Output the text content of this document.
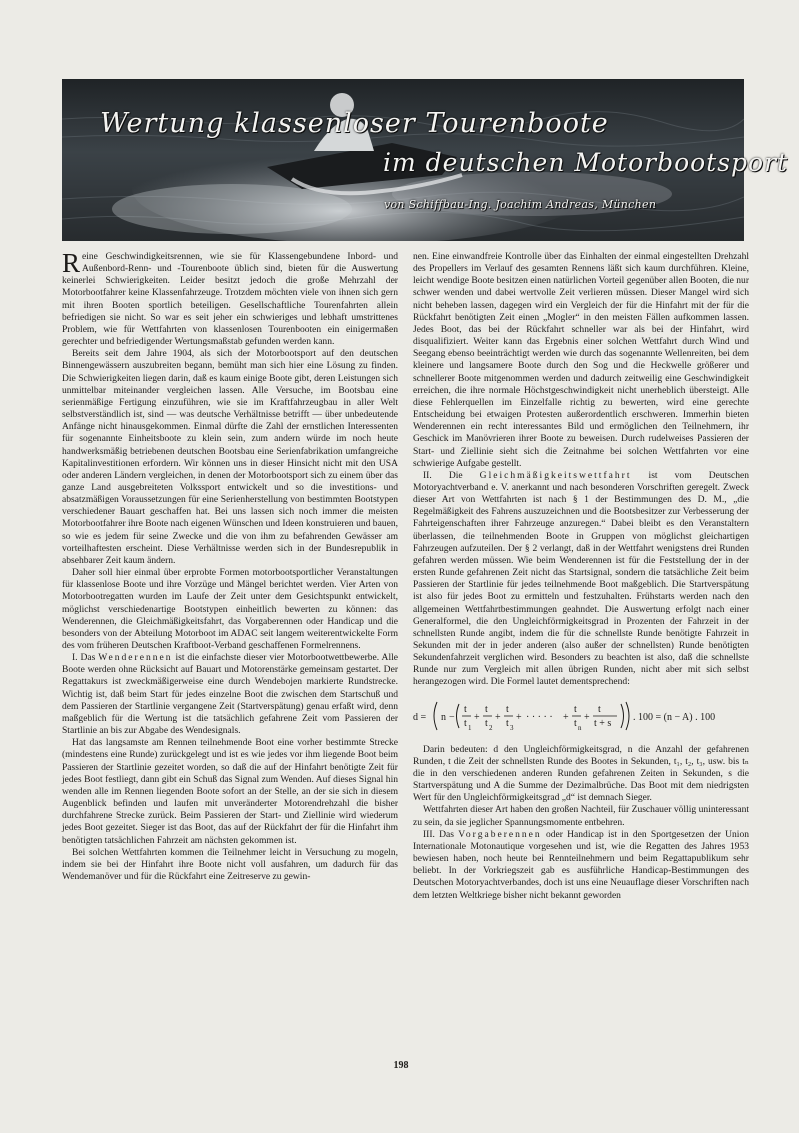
Wertung klassenloser Tourenboote
im deutschen Motorbootsport
von Schiffbau-Ing. Joachim Andreas, München

Reine Geschwindigkeitsrennen, wie sie für Klassengebundene Inbord- und Außenbord-Renn- und -Tourenboote üblich sind, bieten für die Auswertung keinerlei Schwierigkeiten. Leider besitzt jedoch die große Mehrzahl der Motorbootfahrer keine Klassenfahrzeuge. Trotzdem möchten viele von ihnen sich gern mit ihren Booten sportlich beteiligen. Gesellschaftliche Tourenfahrten allein befriedigen sie nicht. So war es seit jeher ein schwieriges und lebhaft umstrittenes Problem, wie für Wettfahrten von klassenlosen Tourenbooten ein einigermaßen gerechter und befriedigender Wertungsmaßstab gefunden werden kann.

Bereits seit dem Jahre 1904, als sich der Motorbootsport auf den deutschen Binnengewässern auszubreiten begann, bemüht man sich hier eine Lösung zu finden. Die Schwierigkeiten liegen darin, daß es kaum einige Boote gibt, deren Leistungen sich unmittelbar miteinander vergleichen lassen. Alle Versuche, im Bootsbau eine serienmäßige Fertigung einzuführen, wie sie im Kraftfahrzeugbau in aller Welt selbstverständlich ist, sind — was deutsche Verhältnisse betrifft — über unbedeutende Anfänge nicht hinausgekommen. Einmal dürfte die Zahl der ernstlichen Interessenten für sogenannte Einheitsboote zu klein sein, zum andern würde im noch heute handwerksmäßig betriebenen deutschen Bootsbau eine Serienfabrikation umfangreiche Kapitalinvestitionen erfordern. Wir können uns in dieser Hinsicht nicht mit den USA oder anderen Ländern vergleichen, in denen der Motorbootsport sich zu einem über das ganze Land ausgebreiteten Volkssport entwickelt und so die investitions- und absatzmäßigen Voraussetzungen für eine Serienherstellung von bestimmten Bootstypen verschiedener Bauart geschaffen hat. Bei uns lassen sich noch immer die meisten Motorbootfahrer ihre Boote nach eigenen Wünschen und Ideen konstruieren und bauen, so wie es jedem für seine Zwecke und die von ihm zu befahrenden Gewässer am vorteilhaftesten erscheint. Diese Verhältnisse werden sich in der Bundesrepublik in absehbarer Zeit kaum ändern.

Daher soll hier einmal über erprobte Formen motorbootsportlicher Veranstaltungen für klassenlose Boote und ihre Vorzüge und Mängel berichtet werden. Vier Arten von Motorbootregatten wurden im Laufe der Zeit unter dem Gesichtspunkt entwickelt, möglichst verschiedenartige Bootstypen einheitlich bewerten zu können: das Wenderennen, die Gleichmäßigkeitsfahrt, das Vorgaberennen oder Handicap und die besonders von der Abteilung Motorboot im ADAC seit langem weiterentwickelte Form des vom früheren Deutschen Kraftboot-Verband geschaffenen Formelrennens.

I. Das Wenderennen ist die einfachste dieser vier Motorbootwettbewerbe. Alle Boote werden ohne Rücksicht auf Bauart und Motorenstärke gemeinsam gestartet. Der Regattakurs ist zweckmäßigerweise eine durch Wendebojen markierte Rundstrecke. Wichtig ist, daß beim Start für jedes einzelne Boot die zwischen dem Startschuß und dem Passieren der Startlinie vergangene Zeit (Startverspätung) genau erfaßt wird, denn maßgeblich für die Wertung ist die tatsächlich gefahrene Zeit vom Passieren der Startlinie an bis zur Abgabe des Wendesignals.

Hat das langsamste am Rennen teilnehmende Boot eine vorher bestimmte Strecke (mindestens eine Runde) zurückgelegt und ist es wie jedes vor ihm liegende Boot beim Passieren der Startlinie gezeitet worden, so daß die auf der Hinfahrt benötigte Zeit für jedes Boot festliegt, dann gibt ein Schuß das Signal zum Wenden. Auf dieses Signal hin wenden alle im Rennen liegenden Boote sofort an der Stelle, an der sie sich in diesem Augenblick befinden und laufen mit unveränderter Motorendrehzahl die bisher durchfahrene Strecke zurück. Beim Passieren der Start- und Ziellinie wird wiederum jedes Boot gezeitet. Sieger ist das Boot, das auf der Rückfahrt der für die Hinfahrt ihm benötigten tatsächlichen Fahrzeit am nächsten gekommen ist.

Bei solchen Wettfahrten kommen die Teilnehmer leicht in Versuchung zu mogeln, indem sie bei der Hinfahrt ihre Boote nicht voll ausfahren, um dadurch für das Wendemanöver und für die Rückfahrt eine Zeitreserve zu gewin-

nen. Eine einwandfreie Kontrolle über das Einhalten der einmal eingestellten Drehzahl des Propellers im Verlauf des gesamten Rennens läßt sich kaum durchführen. Kleine, leicht wendige Boote besitzen einen natürlichen Vorteil gegenüber allen Booten, die nur schwer wenden und dabei wertvolle Zeit verlieren müssen. Dieser Mangel wird sich nicht beheben lassen, dagegen wird ein Vergleich der für die Hinfahrt mit der für die Rückfahrt benötigten Zeit einen „Mogler“ in den meisten Fällen aufkommen lassen. Jedes Boot, das bei der Rückfahrt schneller war als bei der Hinfahrt, wird disqualifiziert. Weiter kann das Ergebnis einer solchen Wettfahrt durch Wind und Seegang ebenso beeinträchtigt werden wie durch das sogenannte Wellenreiten, bei dem kleinere und langsamere Boote durch den Sog und die Heckwelle größerer und schnellerer Boote mitgenommen werden und dadurch zeitweilig eine Geschwindigkeit erreichen, die ihre normale Höchstgeschwindigkeit nicht unerheblich übersteigt. Alle diese Fehlerquellen im Einzelfalle richtig zu bewerten, wird eine gerechte Entscheidung bei etwaigen Protesten außerordentlich erschweren. Immerhin bieten Wenderennen ein recht interessantes Bild und ermöglichen den Teilnehmern, ihr Geschick im Manövrieren ihrer Boote zu beweisen. Durch rudelweises Passieren der Start- und Ziellinie sieht sich die Zeitnahme bei solchen Wettfahrten vor eine schwierige Aufgabe gestellt.

II. Die Gleichmäßigkeitswettfahrt ist vom Deutschen Motoryachtverband e. V. anerkannt und nach besonderen Vorschriften geregelt. Zweck dieser Art von Wettfahrten ist nach § 1 der Bestimmungen des D. M., „die Regelmäßigkeit des Fahrens auszuzeichnen und die Bootsbesitzer zur Verbesserung der Fahrteigenschaften ihrer Fahrzeuge anzuregen.“ Dabei bleibt es den Veranstaltern überlassen, die teilnehmenden Boote in Gruppen von möglichst gleichartigen Fahrzeugen aufzuteilen. Der § 2 verlangt, daß in der Wettfahrt wenigstens drei Runden gefahren werden müssen. Wie beim Wenderennen ist für die Feststellung der in der ersten Runde gefahrenen Zeit nicht das Startsignal, sondern die tatsächliche Zeit beim Passieren der Startlinie für jedes teilnehmende Boot maßgeblich. Die Startverspätung ist also für jedes Boot zu ermitteln und festzuhalten. Frühstarts werden nach den allgemeinen Wettfahrtbestimmungen geahndet. Die Auswertung erfolgt nach einer Generalformel, die den Ungleichförmigkeitsgrad in Prozenten der Fahrzeit in der schnellsten Runde angibt, indem die für die schnellste Runde benötigte Fahrzeit in Sekunden mit der in jeder anderen (also außer der schnellsten) Runde benötigten Sekundenfahrzeit verglichen wird. Besonders zu beachten ist also, daß die schnellste Runde nur zum Vergleich mit allen übrigen Runden, nicht aber mit sich selbst herangezogen wird. Die Formel lautet dementsprechend:

d = n −
t
t 1
+
t
t 2
+
t
t 3
+ · · · · · +
t
t n
+
t
t + s
. 100 = (n − A) . 100

Darin bedeuten: d den Ungleichförmigkeitsgrad, n die Anzahl der gefahrenen Runden, t die Zeit der schnellsten Runde des Bootes in Sekunden, t₁, t₂, t₃, usw. bis tₙ die in den verschiedenen anderen Runden gefahrenen Zeiten in Sekunden, s die Startverspätung und A die Summe der Dezimalbrüche. Das Boot mit dem niedrigsten Wert für den Ungleichförmigkeitsgrad „d“ ist demnach Sieger.

Wettfahrten dieser Art haben den großen Nachteil, für Zuschauer völlig uninteressant zu sein, da sie jeglicher Spannungsmomente entbehren.

III. Das Vorgaberennen oder Handicap ist in den Sportgesetzen der Union Internationale Motonautique vorgesehen und ist, wie die Regatten des Jahres 1953 bewiesen haben, noch heute bei Rennteilnehmern und beim Regattapublikum sehr beliebt. In der Vorkriegszeit gab es ausführliche Handicap-Bestimmungen des Deutschen Motoryachtverbandes, doch ist uns eine Neuauflage dieser Vorschriften nach dem letzten Weltkriege bisher nicht bekannt geworden

198
